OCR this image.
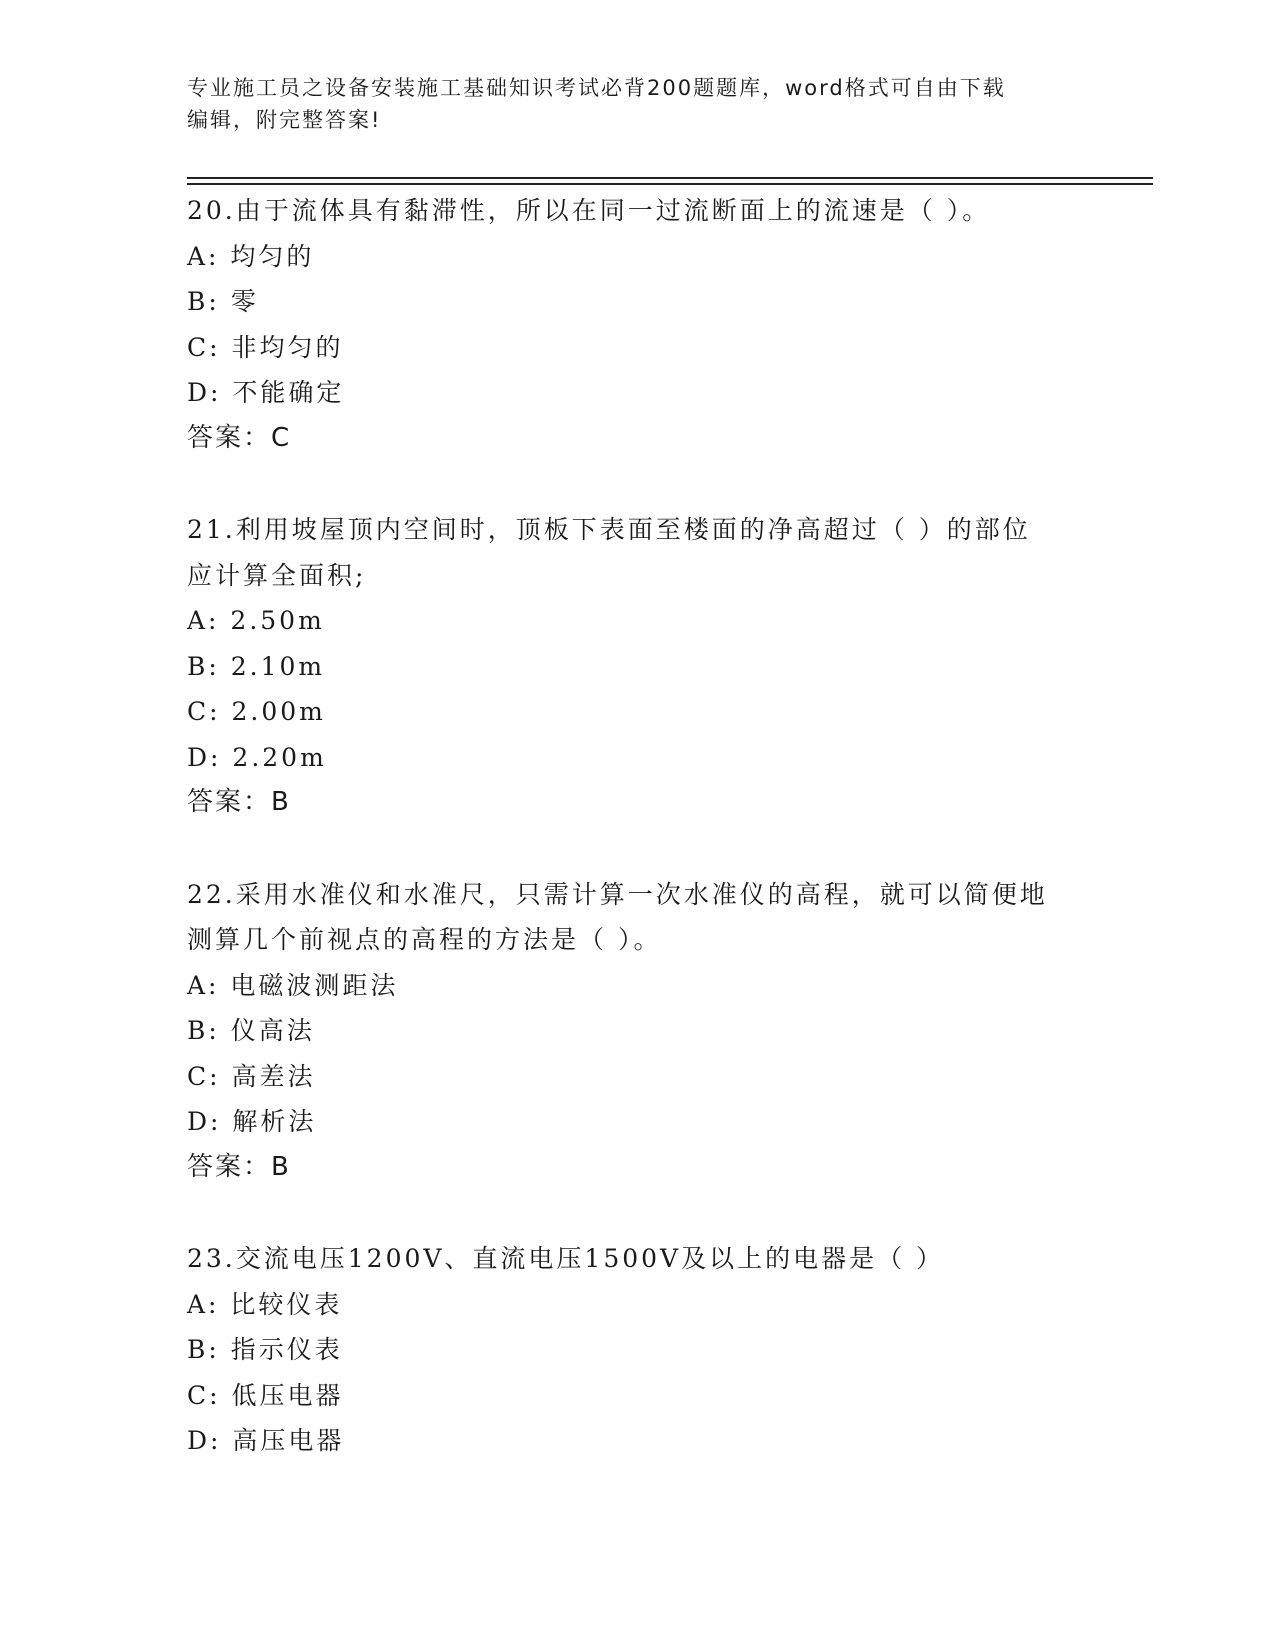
专业施工员之设备安装施工基础知识考试必背200题题库，word格式可自由下载
编辑，附完整答案!
20.由于流体具有黏滞性，所以在同一过流断面上的流速是（ ）。
A: 均匀的
B: 零
C: 非均匀的
D: 不能确定
答案：C
21.利用坡屋顶内空间时，顶板下表面至楼面的净高超过（ ）的部位
应计算全面积;
A: 2.50m
B: 2.10m
C: 2.00m
D: 2.20m
答案：B
22.采用水准仪和水准尺，只需计算一次水准仪的高程，就可以简便地
测算几个前视点的高程的方法是（ ）。
A: 电磁波测距法
B: 仪高法
C: 高差法
D: 解析法
答案：B
23.交流电压1200V、直流电压1500V及以上的电器是（ ）
A: 比较仪表
B: 指示仪表
C: 低压电器
D: 高压电器
